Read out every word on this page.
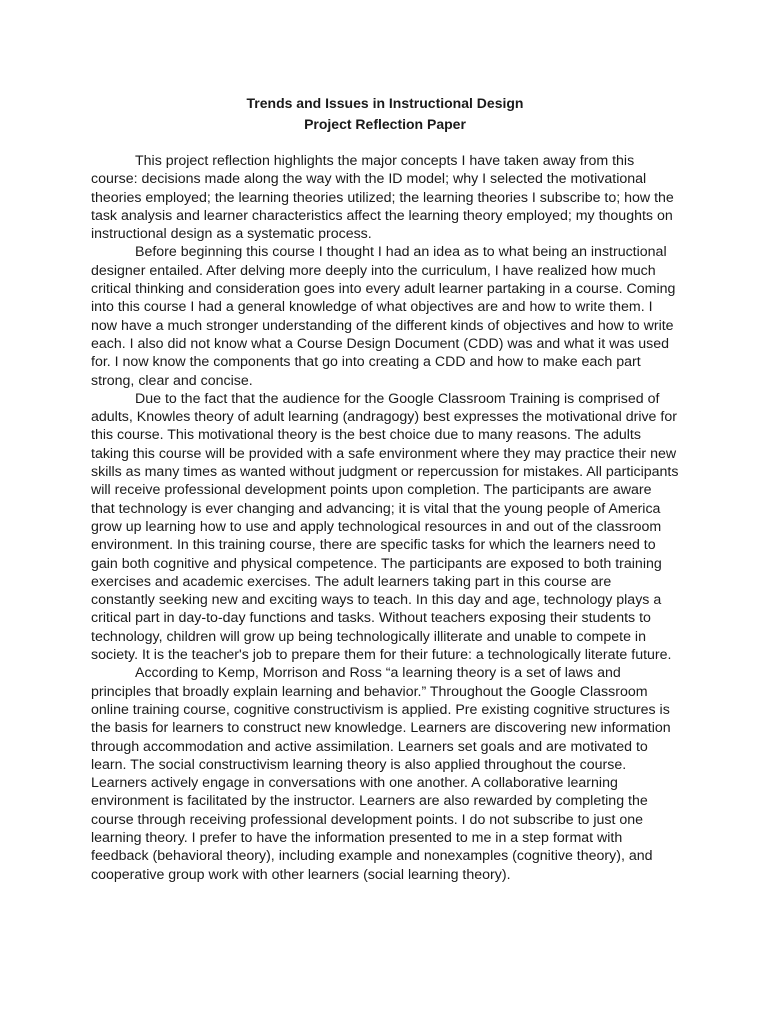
Trends and Issues in Instructional Design
Project Reflection Paper

This project reflection highlights the major concepts I have taken away from this course: decisions made along the way with the ID model; why I selected the motivational theories employed; the learning theories utilized; the learning theories I subscribe to; how the task analysis and learner characteristics affect the learning theory employed; my thoughts on instructional design as a systematic process.

Before beginning this course I thought I had an idea as to what being an instructional designer entailed. After delving more deeply into the curriculum, I have realized how much critical thinking and consideration goes into every adult learner partaking in a course. Coming into this course I had a general knowledge of what objectives are and how to write them. I now have a much stronger understanding of the different kinds of objectives and how to write each. I also did not know what a Course Design Document (CDD) was and what it was used for. I now know the components that go into creating a CDD and how to make each part strong, clear and concise.

Due to the fact that the audience for the Google Classroom Training is comprised of adults, Knowles theory of adult learning (andragogy) best expresses the motivational drive for this course. This motivational theory is the best choice due to many reasons. The adults taking this course will be provided with a safe environment where they may practice their new skills as many times as wanted without judgment or repercussion for mistakes. All participants will receive professional development points upon completion. The participants are aware that technology is ever changing and advancing; it is vital that the young people of America grow up learning how to use and apply technological resources in and out of the classroom environment. In this training course, there are specific tasks for which the learners need to gain both cognitive and physical competence. The participants are exposed to both training exercises and academic exercises. The adult learners taking part in this course are constantly seeking new and exciting ways to teach. In this day and age, technology plays a critical part in day-to-day functions and tasks. Without teachers exposing their students to technology, children will grow up being technologically illiterate and unable to compete in society. It is the teacher's job to prepare them for their future: a technologically literate future.

According to Kemp, Morrison and Ross “a learning theory is a set of laws and principles that broadly explain learning and behavior.” Throughout the Google Classroom online training course, cognitive constructivism is applied. Pre existing cognitive structures is the basis for learners to construct new knowledge. Learners are discovering new information through accommodation and active assimilation. Learners set goals and are motivated to learn. The social constructivism learning theory is also applied throughout the course. Learners actively engage in conversations with one another. A collaborative learning environment is facilitated by the instructor. Learners are also rewarded by completing the course through receiving professional development points. I do not subscribe to just one learning theory. I prefer to have the information presented to me in a step format with feedback (behavioral theory), including example and nonexamples (cognitive theory), and cooperative group work with other learners (social learning theory).
